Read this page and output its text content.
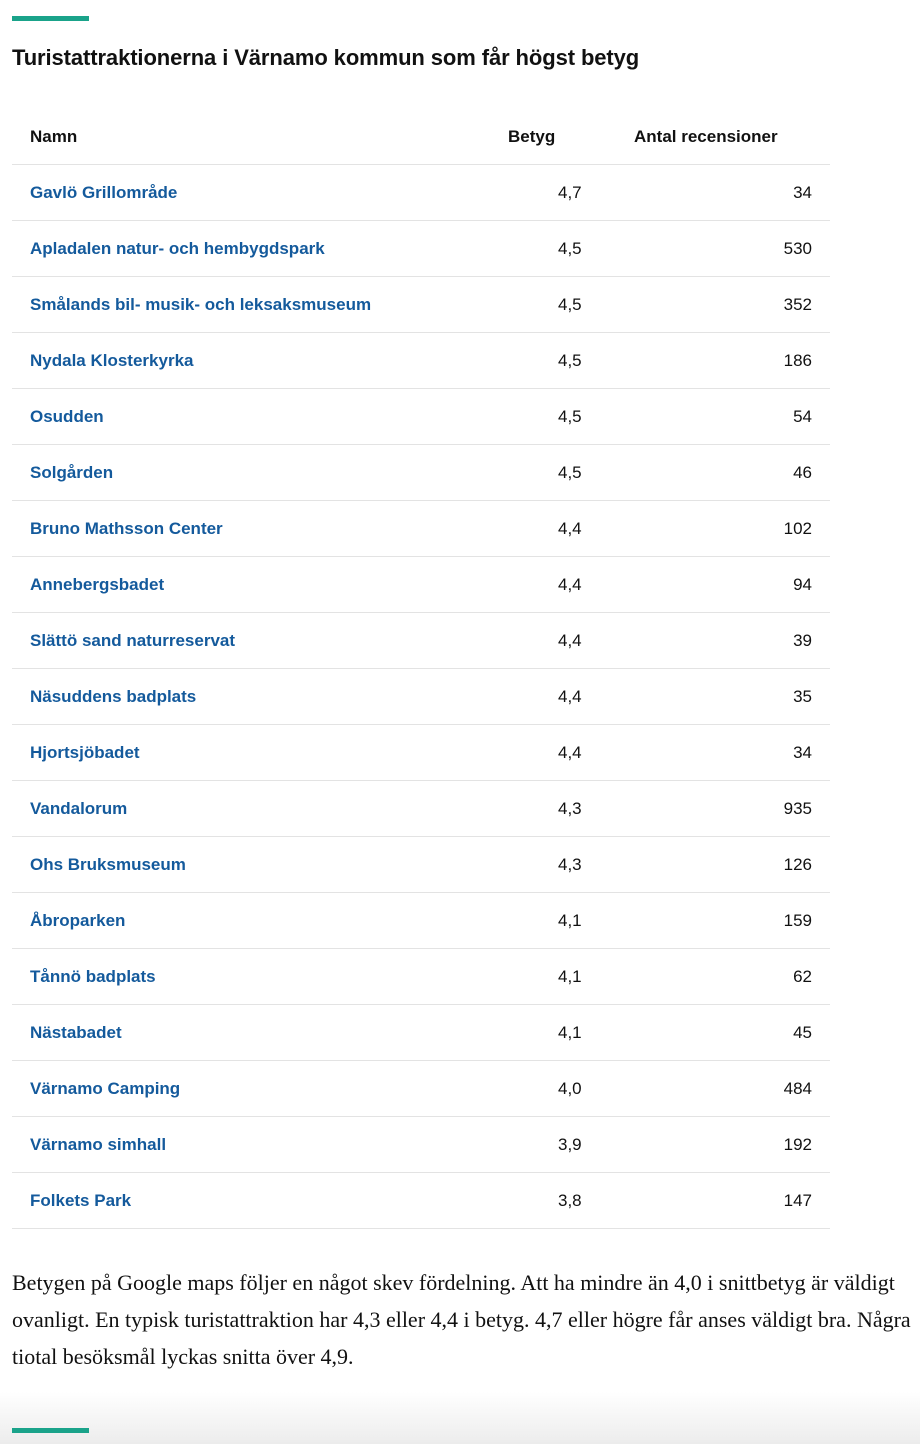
Turistattraktionerna i Värnamo kommun som får högst betyg
Namn	Betyg	Antal recensioner
Gavlö Grillområde	4,7	34
Apladalen natur- och hembygdspark	4,5	530
Smålands bil- musik- och leksaksmuseum	4,5	352
Nydala Klosterkyrka	4,5	186
Osudden	4,5	54
Solgården	4,5	46
Bruno Mathsson Center	4,4	102
Annebergsbadet	4,4	94
Slättö sand naturreservat	4,4	39
Näsuddens badplats	4,4	35
Hjortsjöbadet	4,4	34
Vandalorum	4,3	935
Ohs Bruksmuseum	4,3	126
Åbroparken	4,1	159
Tånnö badplats	4,1	62
Nästabadet	4,1	45
Värnamo Camping	4,0	484
Värnamo simhall	3,9	192
Folkets Park	3,8	147

Betygen på Google maps följer en något skev fördelning. Att ha mindre än 4,0 i snittbetyg är väldigt ovanligt. En typisk turistattraktion har 4,3 eller 4,4 i betyg. 4,7 eller högre får anses väldigt bra. Några tiotal besöksmål lyckas snitta över 4,9.
